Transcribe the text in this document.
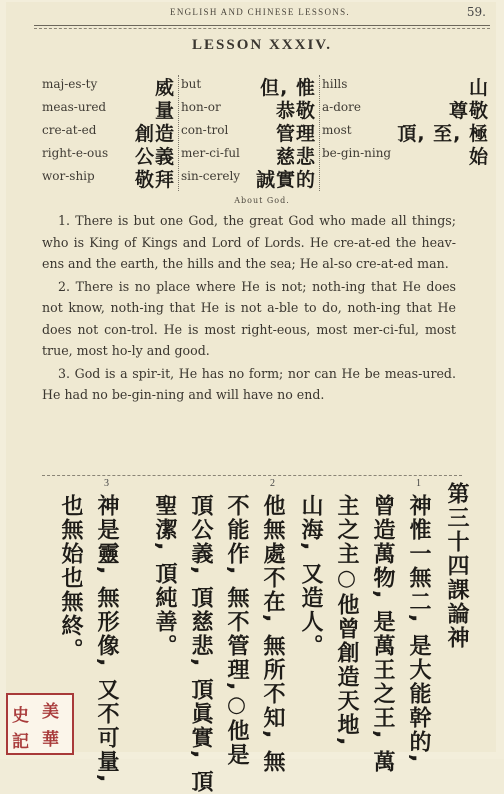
ENGLISH AND CHINESE LESSONS.	59.
LESSON XXXIV.
maj-es-ty	威
meas-ured	量
cre-at-ed 創造
right-e-ous 公義
wor-ship 敬拜
but	但, 惟
hon-or	恭敬
con-trol	管理
mer-ci-ful 慈悲
sin-cerely 誠實的
hills	山
a-dore	尊敬
most 頂, 至, 極
be-gin-ning	始
About God.

1. There is but one God, the great God who made all things; who is King of Kings and Lord of Lords. He cre-at-ed the heav-ens and the earth, the hills and the sea; He al-so cre-at-ed man.

2. There is no place where He is not; noth-ing that He does not know, noth-ing that He is not a-ble to do, noth-ing that He does not con-trol. He is most right-eous, most mer-ci-ful, most true, most ho-ly and good.

3. God is a spir-it, He has no form; nor can He be meas-ured. He had no be-gin-ning and will have no end.

第三十四課論神
1
神惟一無二, 是大能幹的,
曾造萬物, 是萬王之王, 萬
主之主○他曾創造天地,
山海, 又造人。
2
他無處不在, 無所不知, 無
不能作, 無不管理,○他是
頂公義, 頂慈悲, 頂眞實, 頂
聖潔, 頂純善。
3
神是靈, 無形像, 又不可量,
也無始也無終。
美
華
史
記
